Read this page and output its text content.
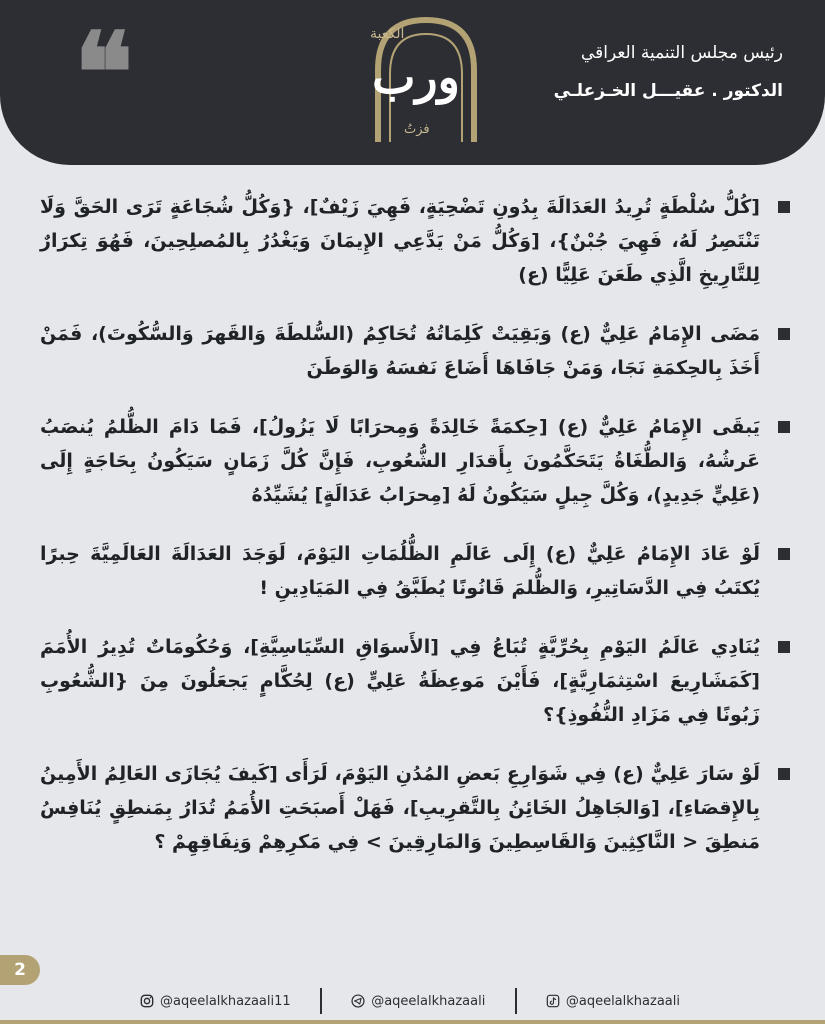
❝	الكعبة
ورب
فزتُ
رئيس مجلس التنمية العراقي
الدكتور . عقيـــل الخـزعلـي
[كُلُّ سُلْطَةٍ تُرِيدُ العَدَالَةَ بِدُونِ تَضْحِيَةٍ، فَهِيَ زَيْفٌ]، {وَكُلُّ شُجَاعَةٍ تَرَى الحَقَّ وَلَا تَنْتَصِرُ لَهُ، فَهِيَ جُبْنٌ}، [وَكُلُّ مَنْ يَدَّعِي الإِيمَانَ وَيَغْدُرُ بِالمُصلِحِينَ، فَهُوَ تِكرَارٌ لِلتَّارِيخِ الَّذِي طَعَنَ عَلِيًّا (ع)
مَضَى الإِمَامُ عَلِيٌّ (ع) وَبَقِيَتْ كَلِمَاتُهُ تُحَاكِمُ (السُّلطَةَ وَالقَهرَ وَالسُّكُوتَ)، فَمَنْ أَخَذَ بِالحِكمَةِ نَجَا، وَمَنْ جَافَاهَا أَضَاعَ نَفسَهُ وَالوَطَنَ
يَبقَى الإِمَامُ عَلِيٌّ (ع) [حِكمَةً خَالِدَةً وَمِحرَابًا لَا يَزُولُ]، فَمَا دَامَ الظُّلمُ يُنصَبُ عَرشُهُ، وَالطُّغَاةُ يَتَحَكَّمُونَ بِأَقدَارِ الشُّعُوبِ، فَإِنَّ كُلَّ زَمَانٍ سَيَكُونُ بِحَاجَةٍ إِلَى (عَلِيٍّ جَدِيدٍ)، وَكُلَّ جِيلٍ سَيَكُونُ لَهُ [مِحرَابُ عَدَالَةٍ] يُشَيِّدُهُ
لَوْ عَادَ الإِمَامُ عَلِيٌّ (ع) إِلَى عَالَمِ الظُّلُمَاتِ اليَوْمَ، لَوَجَدَ العَدَالَةَ العَالَمِيَّةَ حِبرًا يُكتَبُ فِي الدَّسَاتِيرِ، وَالظُّلمَ قَانُونًا يُطَبَّقُ فِي المَيَادِينِ !
يُنَادِي عَالَمُ اليَوْمِ بِحُرِّيَّةٍ تُبَاعُ فِي [الأَسوَاقِ السِّيَاسِيَّةِ]، وَحُكُومَاتٌ تُدِيرُ الأُمَمَ [كَمَشَارِيعَ اسْتِثمَارِيَّةٍ]، فَأَيْنَ مَوعِظَةُ عَلِيٍّ (ع) لِحُكَّامٍ يَجعَلُونَ مِنَ {الشُّعُوبِ زَبُونًا فِي مَزَادِ النُّفُوذِ}؟
لَوْ سَارَ عَلِيٌّ (ع) فِي شَوَارِعِ بَعضِ المُدُنِ اليَوْمَ، لَرَأَى [كَيفَ يُجَازَى العَالِمُ الأَمِينُ بِالإِقصَاءِ]، [وَالجَاهِلُ الخَائِنُ بِالتَّقرِيبِ]، فَهَلْ أَصبَحَتِ الأُمَمُ تُدَارُ بِمَنطِقٍ يُنَافِسُ مَنطِقَ < النَّاكِثِينَ وَالقَاسِطِينَ وَالمَارِقِينَ > فِي مَكرِهِمْ وَنِفَاقِهِمْ ؟
2
@aqeelalkhazaali11	@aqeelalkhazaali	@aqeelalkhazaali
